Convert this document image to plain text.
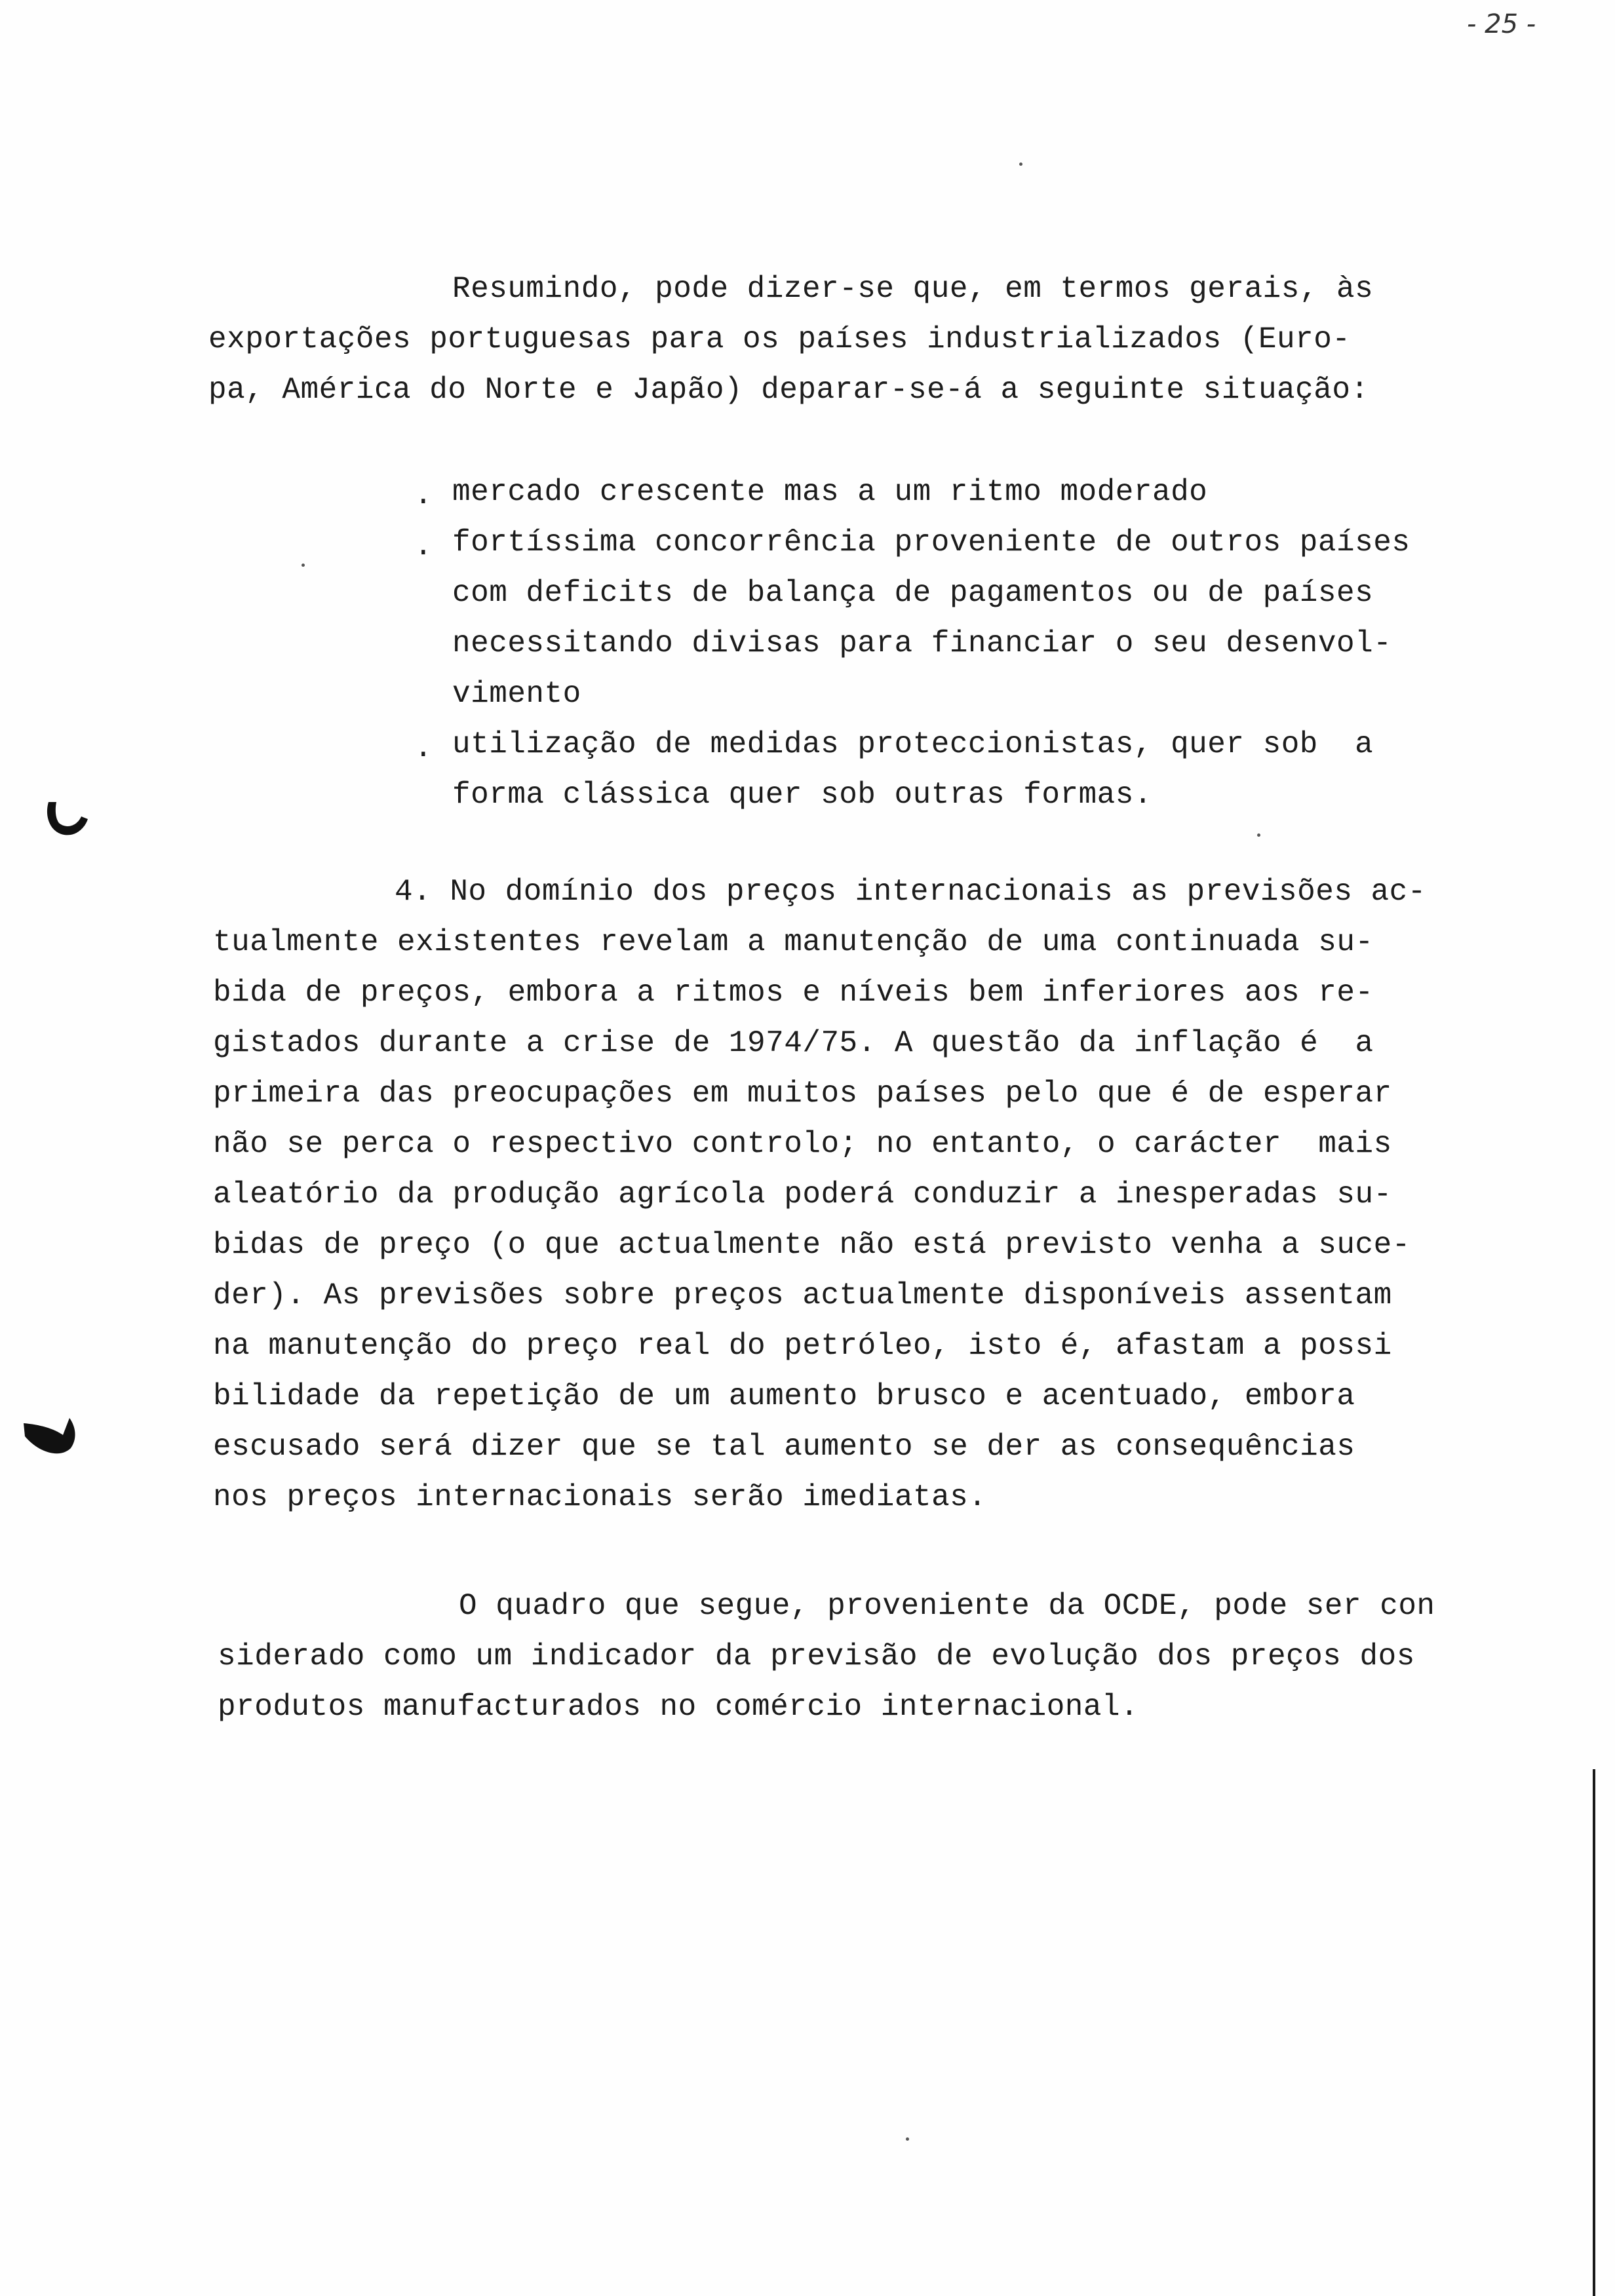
- 25 -
Resumindo, pode dizer-se que, em termos gerais, às
exportações portuguesas para os países industrializados (Euro-
pa, América do Norte e Japão) deparar-se-á a seguinte situação:
. mercado crescente mas a um ritmo moderado
. fortíssima concorrência proveniente de outros países
com deficits de balança de pagamentos ou de países
necessitando divisas para financiar o seu desenvol-
vimento
. utilização de medidas proteccionistas, quer sob  a
forma clássica quer sob outras formas.
4. No domínio dos preços internacionais as previsões ac-
tualmente existentes revelam a manutenção de uma continuada su-
bida de preços, embora a ritmos e níveis bem inferiores aos re-
gistados durante a crise de 1974/75. A questão da inflação é  a
primeira das preocupações em muitos países pelo que é de esperar
não se perca o respectivo controlo; no entanto, o carácter  mais
aleatório da produção agrícola poderá conduzir a inesperadas su-
bidas de preço (o que actualmente não está previsto venha a suce-
der). As previsões sobre preços actualmente disponíveis assentam
na manutenção do preço real do petróleo, isto é, afastam a possi
bilidade da repetição de um aumento brusco e acentuado, embora
escusado será dizer que se tal aumento se der as consequências
nos preços internacionais serão imediatas.
O quadro que segue, proveniente da OCDE, pode ser con
siderado como um indicador da previsão de evolução dos preços dos
produtos manufacturados no comércio internacional.
